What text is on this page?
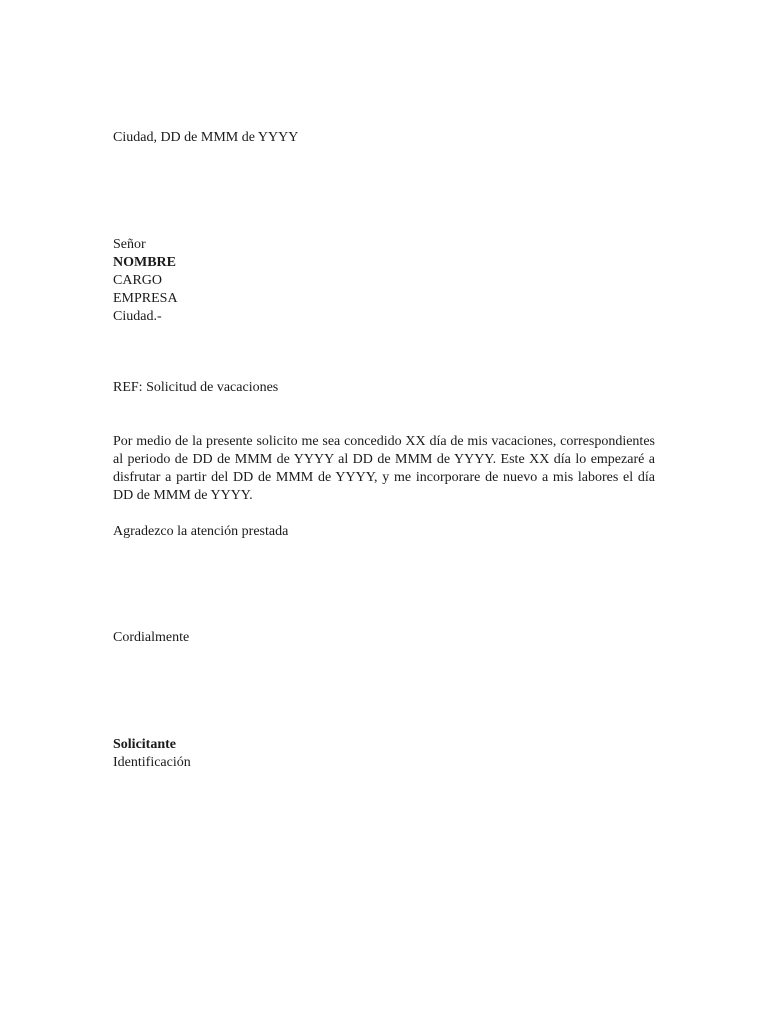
Ciudad, DD de MMM de YYYY
Señor
NOMBRE
CARGO
EMPRESA
Ciudad.-
REF: Solicitud de vacaciones
Por medio de la presente solicito me sea concedido XX día de mis vacaciones, correspondientes al periodo de DD de MMM de YYYY al DD de MMM de YYYY. Este XX día lo empezaré a disfrutar a partir del DD de MMM de YYYY, y me incorporare de nuevo a mis labores el día DD de MMM de YYYY.
Agradezco la atención prestada
Cordialmente
Solicitante
Identificación
